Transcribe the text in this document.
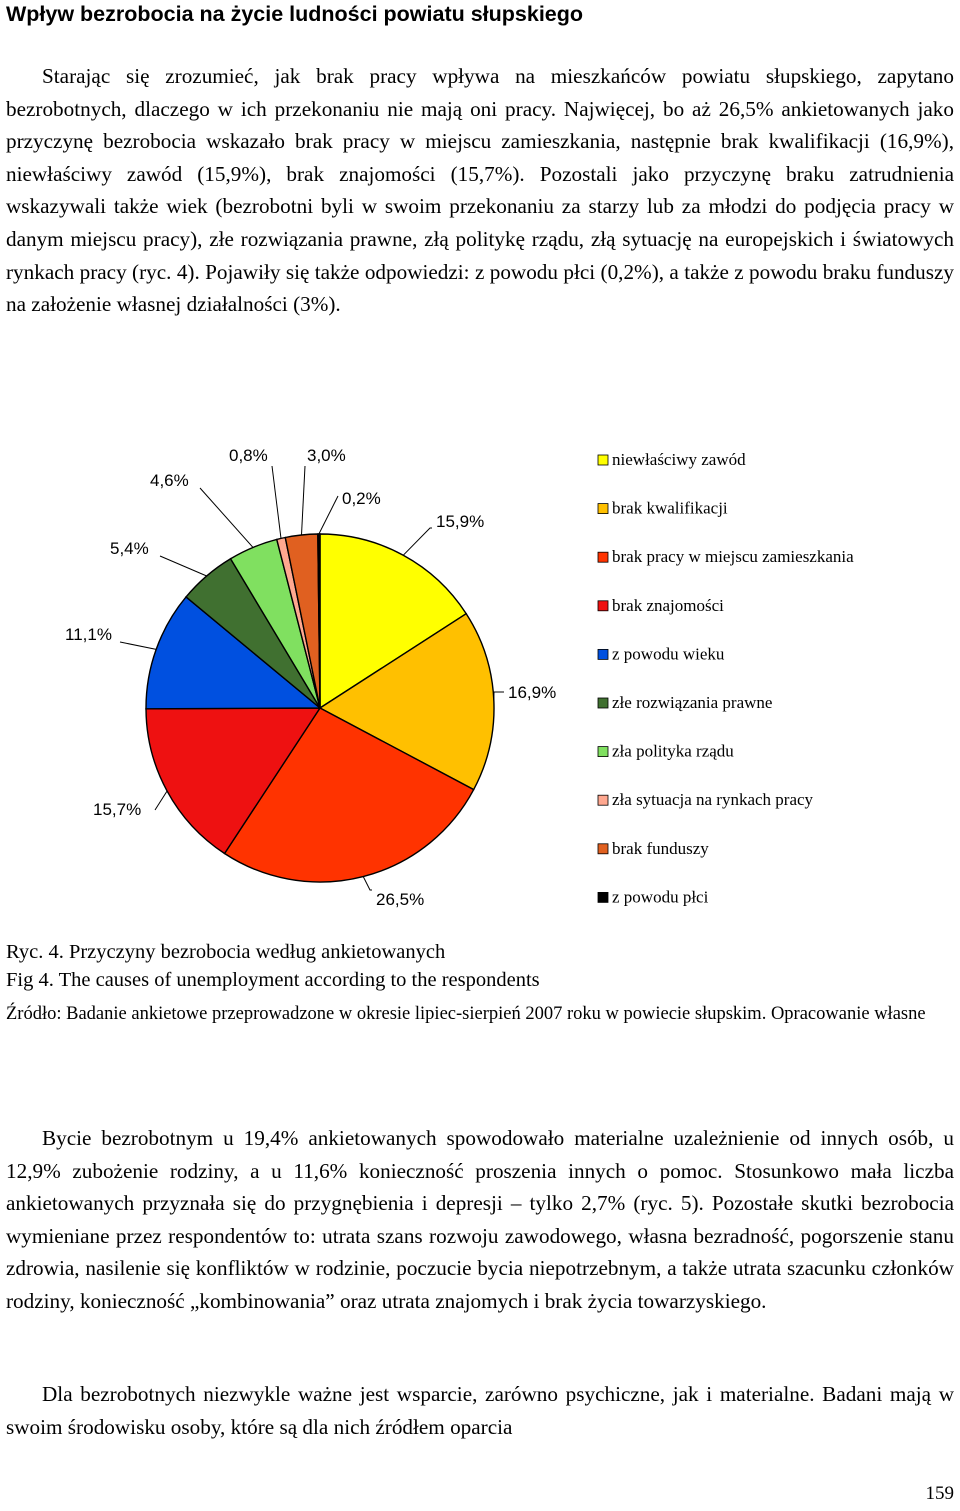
Wpływ bezrobocia na życie ludności powiatu słupskiego

Starając się zrozumieć, jak brak pracy wpływa na mieszkańców powiatu słupskiego, zapytano bezrobotnych, dlaczego w ich przekonaniu nie mają oni pracy. Najwięcej, bo aż 26,5% ankietowanych jako przyczynę bezrobocia wskazało brak pracy w miejscu zamieszkania, następnie brak kwalifikacji (16,9%), niewłaściwy zawód (15,9%), brak znajomości (15,7%). Pozostali jako przyczynę braku zatrudnienia wskazywali także wiek (bezrobotni byli w swoim przekonaniu za starzy lub za młodzi do podjęcia pracy w danym miejscu pracy), złe rozwiązania prawne, złą politykę rządu, złą sytuację na europejskich i światowych rynkach pracy (ryc. 4). Pojawiły się także odpowiedzi: z powodu płci (0,2%), a także z powodu braku funduszy na założenie własnej działalności (3%).

15,9%
16,9%
26,5%
15,7%
11,1%
5,4%
4,6%
0,8% 3,0%
0,2%
niewłaściwy zawód
brak kwalifikacji
brak pracy w miejscu zamieszkania
brak znajomości
z powodu wieku
złe rozwiązania prawne
zła polityka rządu
zła sytuacja na rynkach pracy
brak funduszy
z powodu płci

Ryc. 4. Przyczyny bezrobocia według ankietowanych

Fig 4. The causes of unemployment according to the respondents

Źródło: Badanie ankietowe przeprowadzone w okresie lipiec-sierpień 2007 roku w powiecie słupskim. Opracowanie własne

Bycie bezrobotnym u 19,4% ankietowanych spowodowało materialne uzależnienie od innych osób, u 12,9% zubożenie rodziny, a u 11,6% konieczność proszenia innych o pomoc. Stosunkowo mała liczba ankietowanych przyznała się do przygnębienia i depresji – tylko 2,7% (ryc. 5). Pozostałe skutki bezrobocia wymieniane przez respondentów to: utrata szans rozwoju zawodowego, własna bezradność, pogorszenie stanu zdrowia, nasilenie się konfliktów w rodzinie, poczucie bycia niepotrzebnym, a także utrata szacunku członków rodziny, konieczność „kombinowania” oraz utrata znajomych i brak życia towarzyskiego.

Dla bezrobotnych niezwykle ważne jest wsparcie, zarówno psychiczne, jak i materialne. Badani mają w swoim środowisku osoby, które są dla nich źródłem oparcia

159
